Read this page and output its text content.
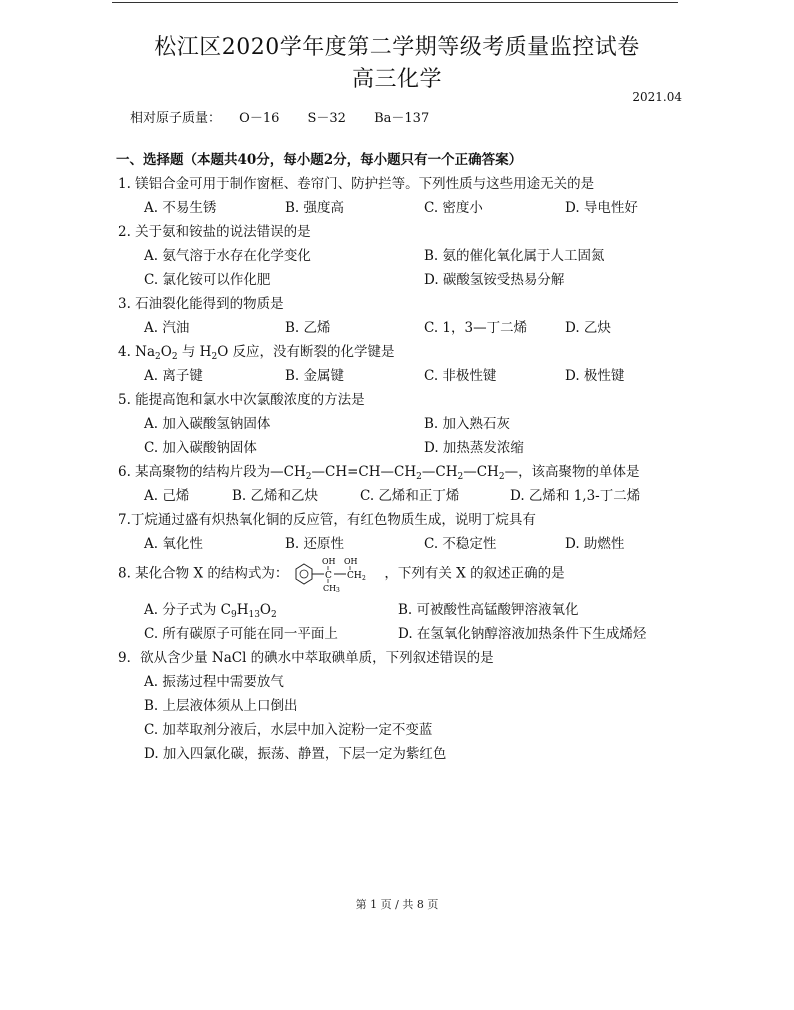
松江区2020学年度第二学期等级考质量监控试卷
高三化学
2021.04
相对原子质量： O－16 S－32 Ba－137
一、选择题（本题共40分，每小题2分，每小题只有一个正确答案）
1. 镁铝合金可用于制作窗框、卷帘门、防护拦等。下列性质与这些用途无关的是
A. 不易生锈	B. 强度高	C. 密度小	D. 导电性好
2. 关于氨和铵盐的说法错误的是
A. 氨气溶于水存在化学变化	B. 氨的催化氧化属于人工固氮
C. 氯化铵可以作化肥	D. 碳酸氢铵受热易分解
3. 石油裂化能得到的物质是
A. 汽油	B. 乙烯	C. 1，3—丁二烯	D. 乙炔
4. $Na_2O_2$ 与 $H_2O$ 反应，没有断裂的化学键是
A. 离子键	B. 金属键	C. 非极性键	D. 极性键
5. 能提高饱和氯水中次氯酸浓度的方法是
A. 加入碳酸氢钠固体	B. 加入熟石灰
C. 加入碳酸钠固体	D. 加热蒸发浓缩
6. 某高聚物的结构片段为$—CH_2—CH=CH—CH_2—CH_2—CH_2—$，该高聚物的单体是
A. 己烯	B. 乙烯和乙炔	C. 乙烯和正丁烯	D. 乙烯和 1,3-丁二烯
7.丁烷通过盛有炽热氧化铜的反应管，有红色物质生成，说明丁烷具有
A. 氧化性	B. 还原性	C. 不稳定性	D. 助燃性
8. 某化合物 X 的结构式为：	C CH 2
OH OH
CH 3
，下列有关 X 的叙述正确的是
A. 分子式为 $C_9H_{13}O_2$	B. 可被酸性高锰酸钾溶液氧化
C. 所有碳原子可能在同一平面上	D. 在氢氧化钠醇溶液加热条件下生成烯烃
9．欲从含少量 NaCl 的碘水中萃取碘单质，下列叙述错误的是
A. 振荡过程中需要放气
B. 上层液体须从上口倒出
C. 加萃取剂分液后，水层中加入淀粉一定不变蓝
D. 加入四氯化碳，振荡、静置，下层一定为紫红色
第 1 页 / 共 8 页
